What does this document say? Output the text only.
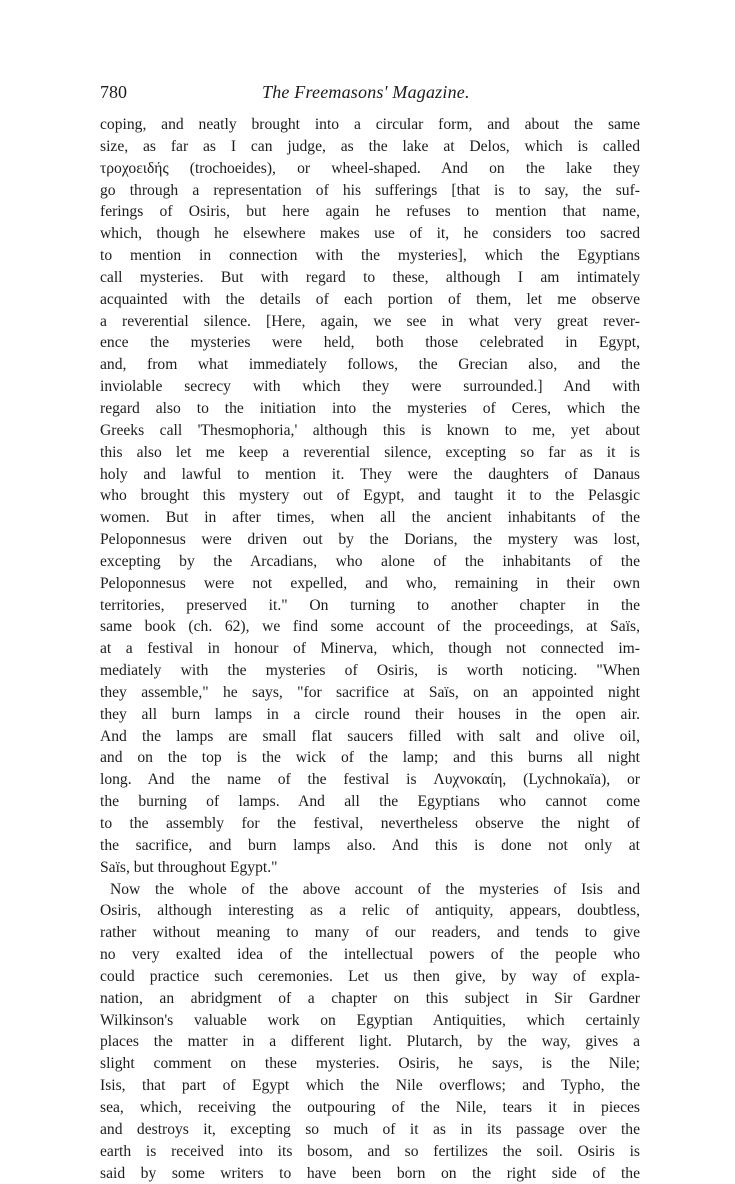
780	The Freemasons' Magazine.
coping, and neatly brought into a circular form, and about the same
size, as far as I can judge, as the lake at Delos, which is called
τροχοειδής (trochoeides), or wheel-shaped. And on the lake they
go through a representation of his sufferings [that is to say, the suf-
ferings of Osiris, but here again he refuses to mention that name,
which, though he elsewhere makes use of it, he considers too sacred
to mention in connection with the mysteries], which the Egyptians
call mysteries. But with regard to these, although I am intimately
acquainted with the details of each portion of them, let me observe
a reverential silence. [Here, again, we see in what very great rever-
ence the mysteries were held, both those celebrated in Egypt,
and, from what immediately follows, the Grecian also, and the
inviolable secrecy with which they were surrounded.] And with
regard also to the initiation into the mysteries of Ceres, which the
Greeks call 'Thesmophoria,' although this is known to me, yet about
this also let me keep a reverential silence, excepting so far as it is
holy and lawful to mention it. They were the daughters of Danaus
who brought this mystery out of Egypt, and taught it to the Pelasgic
women. But in after times, when all the ancient inhabitants of the
Peloponnesus were driven out by the Dorians, the mystery was lost,
excepting by the Arcadians, who alone of the inhabitants of the
Peloponnesus were not expelled, and who, remaining in their own
territories, preserved it." On turning to another chapter in the
same book (ch. 62), we find some account of the proceedings, at Saïs,
at a festival in honour of Minerva, which, though not connected im-
mediately with the mysteries of Osiris, is worth noticing. "When
they assemble," he says, "for sacrifice at Saïs, on an appointed night
they all burn lamps in a circle round their houses in the open air.
And the lamps are small flat saucers filled with salt and olive oil,
and on the top is the wick of the lamp; and this burns all night
long. And the name of the festival is Λυχνοκαίη, (Lychnokaïa), or
the burning of lamps. And all the Egyptians who cannot come
to the assembly for the festival, nevertheless observe the night of
the sacrifice, and burn lamps also. And this is done not only at
Saïs, but throughout Egypt."
Now the whole of the above account of the mysteries of Isis and
Osiris, although interesting as a relic of antiquity, appears, doubtless,
rather without meaning to many of our readers, and tends to give
no very exalted idea of the intellectual powers of the people who
could practice such ceremonies. Let us then give, by way of expla-
nation, an abridgment of a chapter on this subject in Sir Gardner
Wilkinson's valuable work on Egyptian Antiquities, which certainly
places the matter in a different light. Plutarch, by the way, gives a
slight comment on these mysteries. Osiris, he says, is the Nile;
Isis, that part of Egypt which the Nile overflows; and Typho, the
sea, which, receiving the outpouring of the Nile, tears it in pieces
and destroys it, excepting so much of it as in its passage over the
earth is received into its bosom, and so fertilizes the soil. Osiris is
said by some writers to have been born on the right side of the
